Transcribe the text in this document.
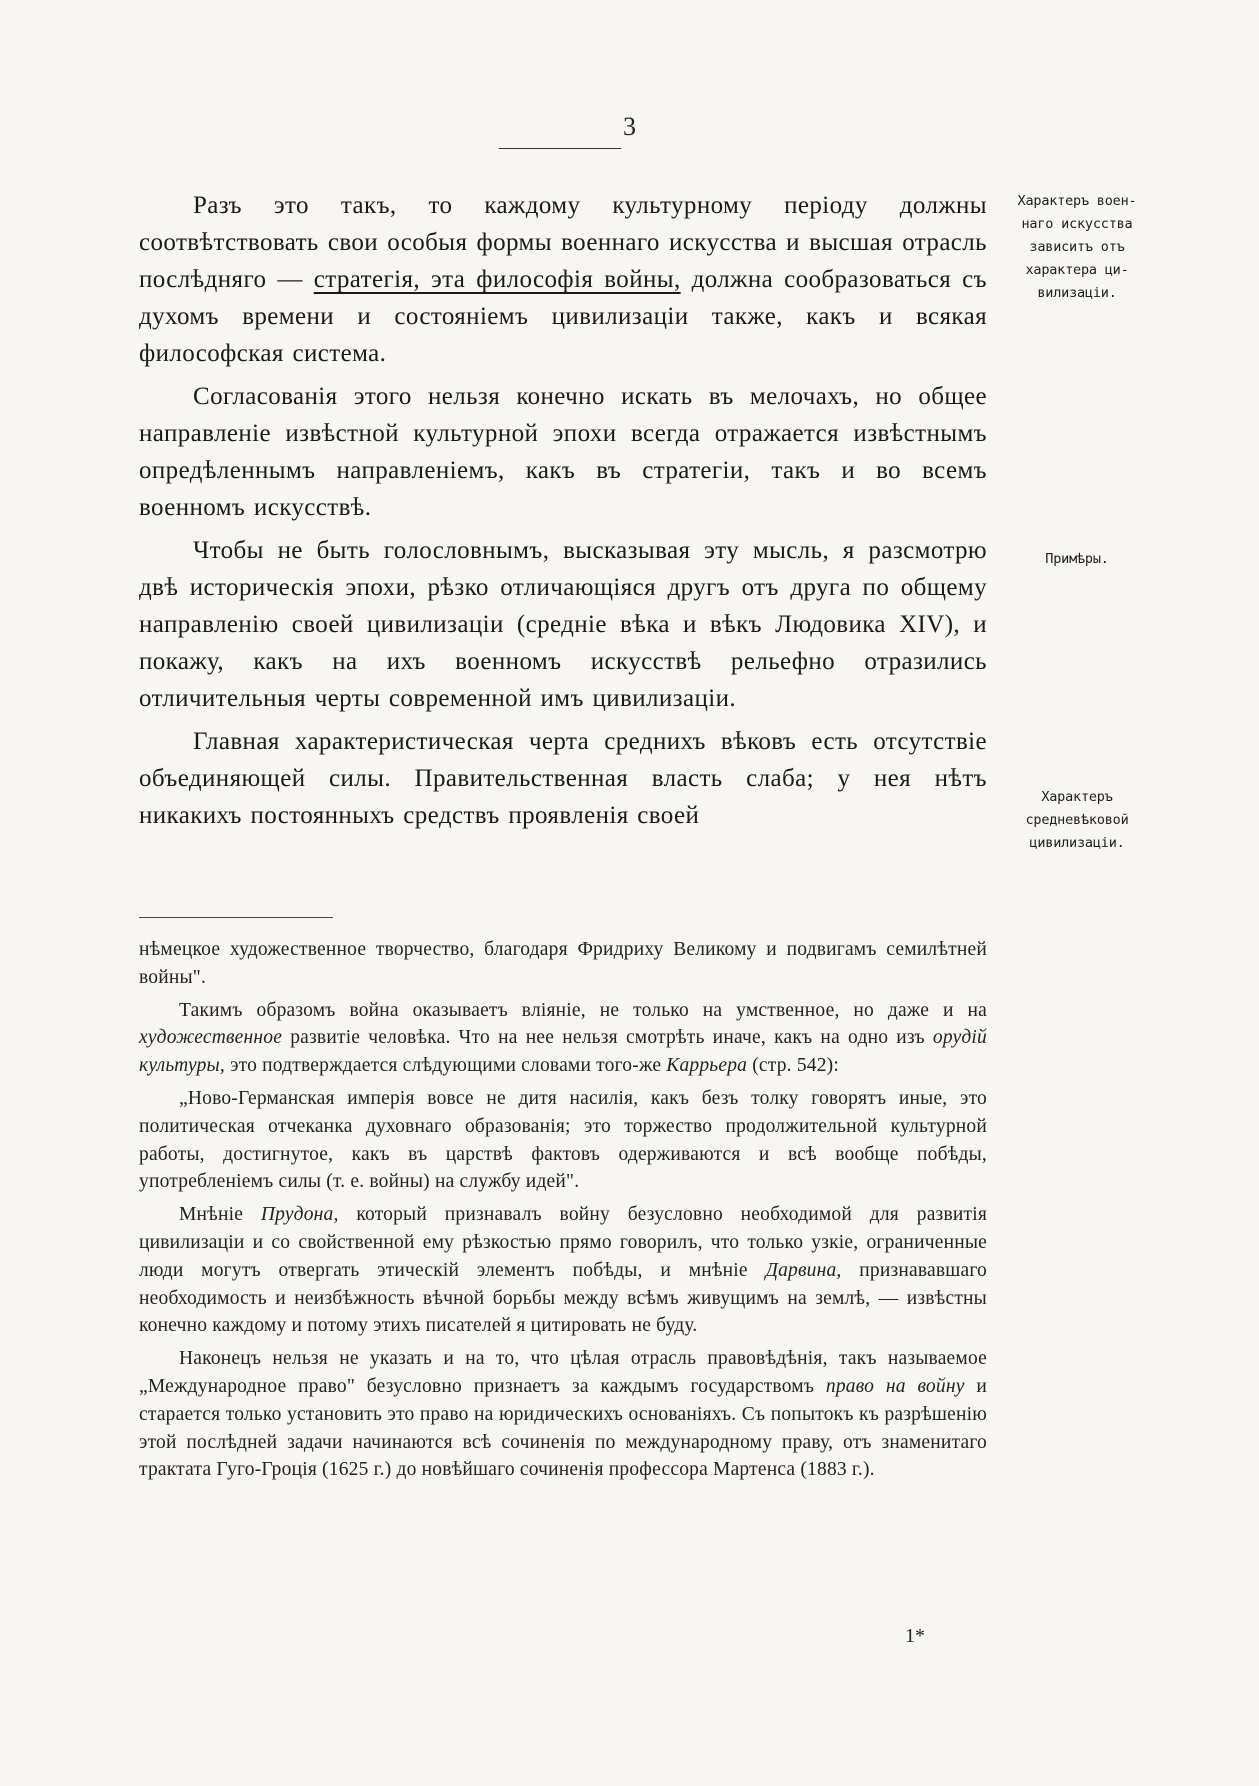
3

Разъ это такъ, то каждому культурному періоду должны соотвѣтствовать свои особыя формы военнаго искусства и высшая отрасль послѣдняго — стратегія, эта философія войны, должна сообразоваться съ духомъ времени и состояніемъ цивилизаціи также, какъ и всякая философская система.

Согласованія этого нельзя конечно искать въ мелочахъ, но общее направленіе извѣстной культурной эпохи всегда отражается извѣстнымъ опредѣленнымъ направленіемъ, какъ въ стратегіи, такъ и во всемъ военномъ искусствѣ.

Чтобы не быть голословнымъ, высказывая эту мысль, я разсмотрю двѣ историческія эпохи, рѣзко отличающіяся другъ отъ друга по общему направленію своей цивилизаціи (средніе вѣка и вѣкъ Людовика XIV), и покажу, какъ на ихъ военномъ искусствѣ рельефно отразились отличительныя черты современной имъ цивилизаціи.

Главная характеристическая черта среднихъ вѣковъ есть отсутствіе объединяющей силы. Правительственная власть слаба; у нея нѣтъ никакихъ постоянныхъ средствъ проявленія своей

Характеръ воен-
наго искусства
зависитъ отъ
характера ци-
вилизаціи.
Примѣры.
Характеръ
средневѣковой
цивилизаціи.

нѣмецкое художественное творчество, благодаря Фридриху Великому и подвигамъ семилѣтней войны".

Такимъ образомъ война оказываетъ вліяніе, не только на умственное, но даже и на художественное развитіе человѣка. Что на нее нельзя смотрѣть иначе, какъ на одно изъ орудій культуры, это подтверждается слѣдующими словами того-же Каррьера (стр. 542):

„Ново-Германская имперія вовсе не дитя насилія, какъ безъ толку говорятъ иные, это политическая отчеканка духовнаго образованія; это торжество продолжительной культурной работы, достигнутое, какъ въ царствѣ фактовъ одерживаются и всѣ вообще побѣды, употребленіемъ силы (т. е. войны) на службу идей".

Мнѣніе Прудона, который признавалъ войну безусловно необходимой для развитія цивилизаціи и со свойственной ему рѣзкостью прямо говорилъ, что только узкіе, ограниченные люди могутъ отвергать этическій элементъ побѣды, и мнѣніе Дарвина, признававшаго необходимость и неизбѣжность вѣчной борьбы между всѣмъ живущимъ на землѣ, — извѣстны конечно каждому и потому этихъ писателей я цитировать не буду.

Наконецъ нельзя не указать и на то, что цѣлая отрасль правовѣдѣнія, такъ называемое „Международное право" безусловно признаетъ за каждымъ государствомъ право на войну и старается только установить это право на юридическихъ основаніяхъ. Съ попытокъ къ разрѣшенію этой послѣдней задачи начинаются всѣ сочиненія по международному праву, отъ знаменитаго трактата Гуго-Гроція (1625 г.) до новѣйшаго сочиненія профессора Мартенса (1883 г.).

1*
